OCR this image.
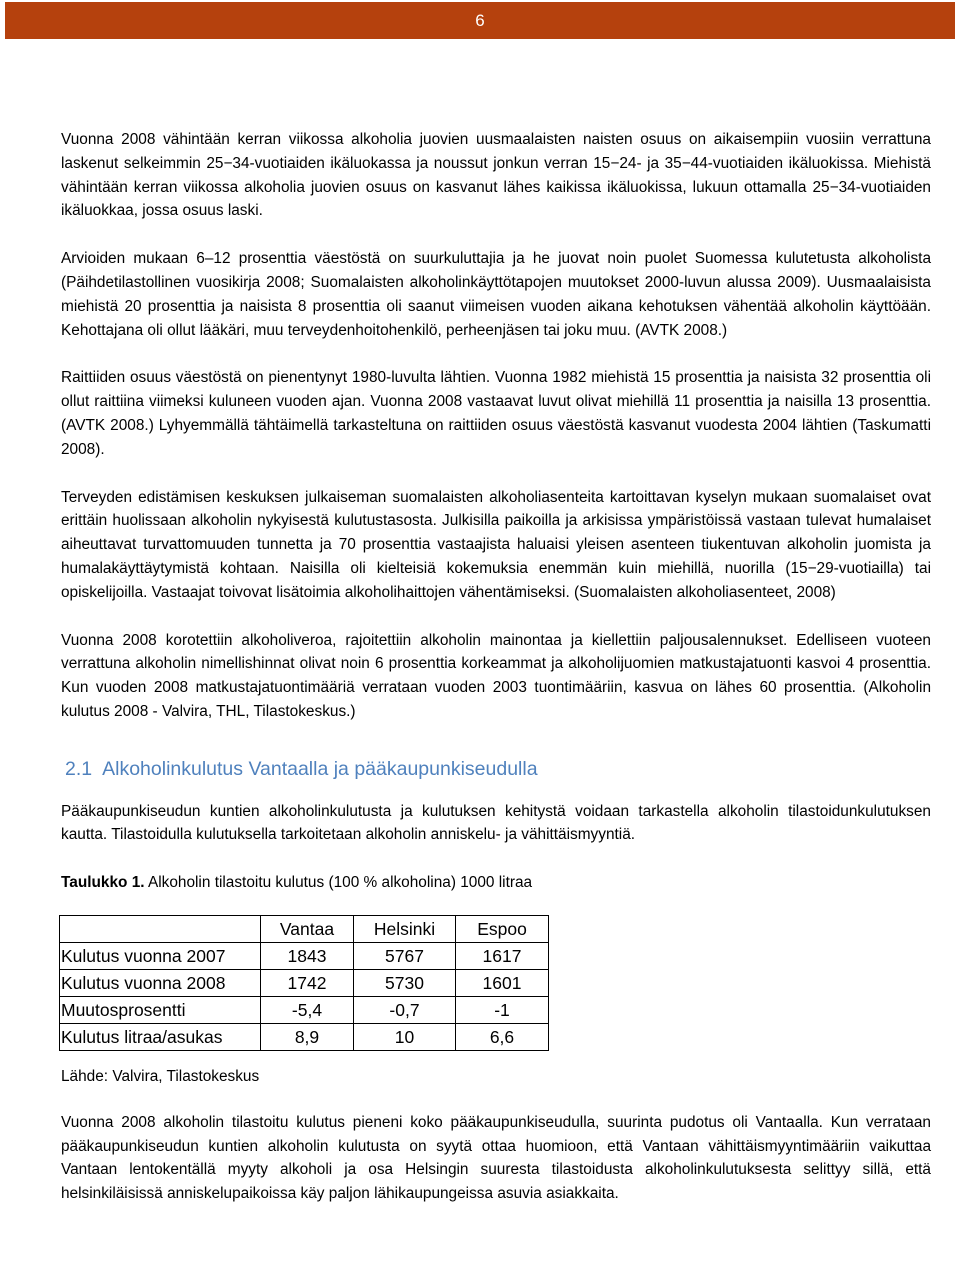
6

Vuonna 2008 vähintään kerran viikossa alkoholia juovien uusmaalaisten naisten osuus on aikaisempiin vuosiin verrattuna laskenut selkeimmin 25−34-vuotiaiden ikäluokassa ja noussut jonkun verran 15−24- ja 35−44-vuotiaiden ikäluokissa. Miehistä vähintään kerran viikossa alkoholia juovien osuus on kasvanut lähes kaikissa ikäluokissa, lukuun ottamalla 25−34-vuotiaiden ikäluokkaa, jossa osuus laski.

Arvioiden mukaan 6–12 prosenttia väestöstä on suurkuluttajia ja he juovat noin puolet Suomessa kulutetusta alkoholista (Päihdetilastollinen vuosikirja 2008; Suomalaisten alkoholinkäyttötapojen muutokset 2000-luvun alussa 2009). Uusmaalaisista miehistä 20 prosenttia ja naisista 8 prosenttia oli saanut viimeisen vuoden aikana kehotuksen vähentää alkoholin käyttöään. Kehottajana oli ollut lääkäri, muu terveydenhoitohenkilö, perheenjäsen tai joku muu. (AVTK 2008.)

Raittiiden osuus väestöstä on pienentynyt 1980-luvulta lähtien. Vuonna 1982 miehistä 15 prosenttia ja naisista 32 prosenttia oli ollut raittiina viimeksi kuluneen vuoden ajan. Vuonna 2008 vastaavat luvut olivat miehillä 11 prosenttia ja naisilla 13 prosenttia. (AVTK 2008.) Lyhyemmällä tähtäimellä tarkasteltuna on raittiiden osuus väestöstä kasvanut vuodesta 2004 lähtien (Taskumatti 2008).

Terveyden edistämisen keskuksen julkaiseman suomalaisten alkoholiasenteita kartoittavan kyselyn mukaan suomalaiset ovat erittäin huolissaan alkoholin nykyisestä kulutustasosta. Julkisilla paikoilla ja arkisissa ympäristöissä vastaan tulevat humalaiset aiheuttavat turvattomuuden tunnetta ja 70 prosenttia vastaajista haluaisi yleisen asenteen tiukentuvan alkoholin juomista ja humalakäyttäytymistä kohtaan. Naisilla oli kielteisiä kokemuksia enemmän kuin miehillä, nuorilla (15−29-vuotiailla) tai opiskelijoilla. Vastaajat toivovat lisätoimia alkoholihaittojen vähentämiseksi. (Suomalaisten alkoholiasenteet, 2008)

Vuonna 2008 korotettiin alkoholiveroa, rajoitettiin alkoholin mainontaa ja kiellettiin paljousalennukset. Edelliseen vuoteen verrattuna alkoholin nimellishinnat olivat noin 6 prosenttia korkeammat ja alkoholijuomien matkustajatuonti kasvoi 4 prosenttia. Kun vuoden 2008 matkustajatuontimääriä verrataan vuoden 2003 tuontimääriin, kasvua on lähes 60 prosenttia. (Alkoholin kulutus 2008 - Valvira, THL, Tilastokeskus.)

2.1 Alkoholinkulutus Vantaalla ja pääkaupunkiseudulla

Pääkaupunkiseudun kuntien alkoholinkulutusta ja kulutuksen kehitystä voidaan tarkastella alkoholin tilastoidunkulutuksen kautta. Tilastoidulla kulutuksella tarkoitetaan alkoholin anniskelu- ja vähittäismyyntiä.

Taulukko 1. Alkoholin tilastoitu kulutus (100 % alkoholina) 1000 litraa
	Vantaa	Helsinki	Espoo
Kulutus vuonna 2007	1843	5767	1617
Kulutus vuonna 2008	1742	5730	1601
Muutosprosentti	-5,4	-0,7	-1
Kulutus litraa/asukas	8,9	10	6,6
Lähde: Valvira, Tilastokeskus

Vuonna 2008 alkoholin tilastoitu kulutus pieneni koko pääkaupunkiseudulla, suurinta pudotus oli Vantaalla. Kun verrataan pääkaupunkiseudun kuntien alkoholin kulutusta on syytä ottaa huomioon, että Vantaan vähittäismyyntimääriin vaikuttaa Vantaan lentokentällä myyty alkoholi ja osa Helsingin suuresta tilastoidusta alkoholinkulutuksesta selittyy sillä, että helsinkiläisissä anniskelupaikoissa käy paljon lähikaupungeissa asuvia asiakkaita.
